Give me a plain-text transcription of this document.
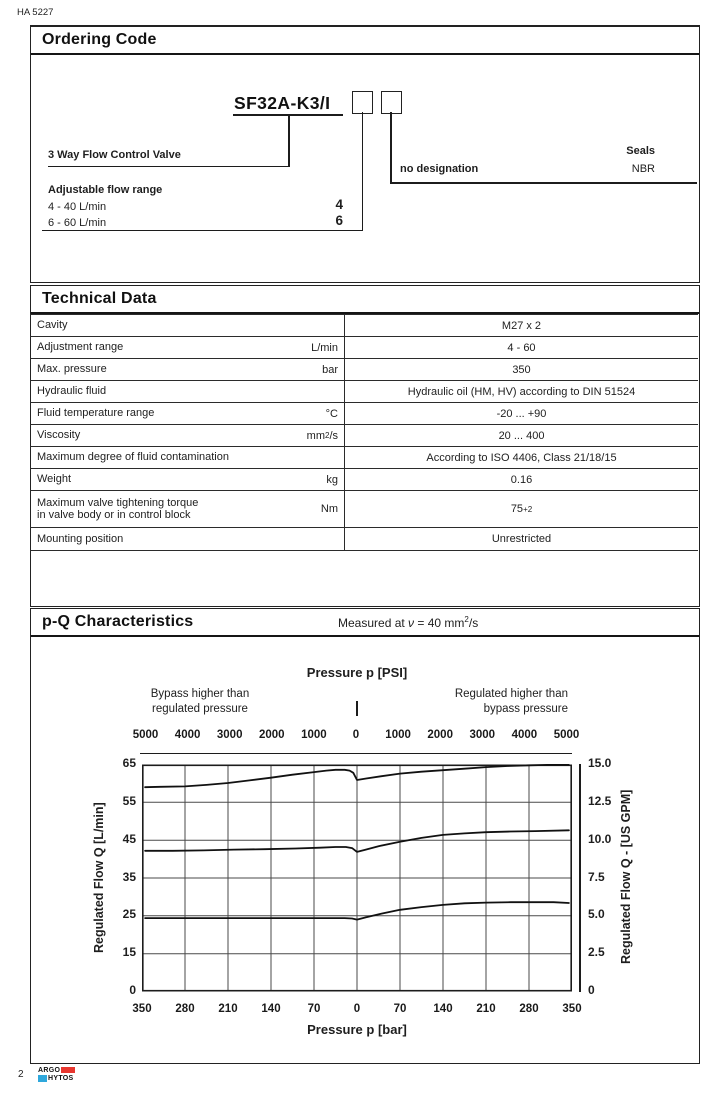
HA 5227
Ordering Code
SF32A-K3/I
3 Way Flow Control Valve
Adjustable flow range
4 - 40 L/min	4
6 - 60 L/min	6
Seals
no designation	NBR
Technical Data
Cavity	M27 x 2
Adjustment range	L/min	4 - 60
Max. pressure	bar	350
Hydraulic fluid	Hydraulic oil (HM, HV) according to DIN 51524
Fluid temperature range	°C	-20 ... +90
Viscosity	mm 2 /s	20 ... 400
Maximum degree of fluid contamination	According to ISO 4406, Class 21/18/15
Weight	kg	0.16
Maximum valve tightening torque
in valve body or in control block	Nm	75 +2
Mounting position	Unrestricted
p-Q Characteristics	Measured at ν = 40 $mm^2/s$
Pressure p [PSI]
Bypass higher than
regulated pressure
Regulated higher than
bypass pressure
Regulated Flow Q [L/min]	Regulated Flow Q - [US GPM]
Pressure p [bar]
2 ARGO
HYTOS
5000	4000	3000	2000	1000	0	1000	2000	3000	4000	5000
350	280	210	140	70	0	70	140	210	280	350
65
55
45
35
25
15
0
15.0
12.5
10.0
7.5
5.0
2.5
0
